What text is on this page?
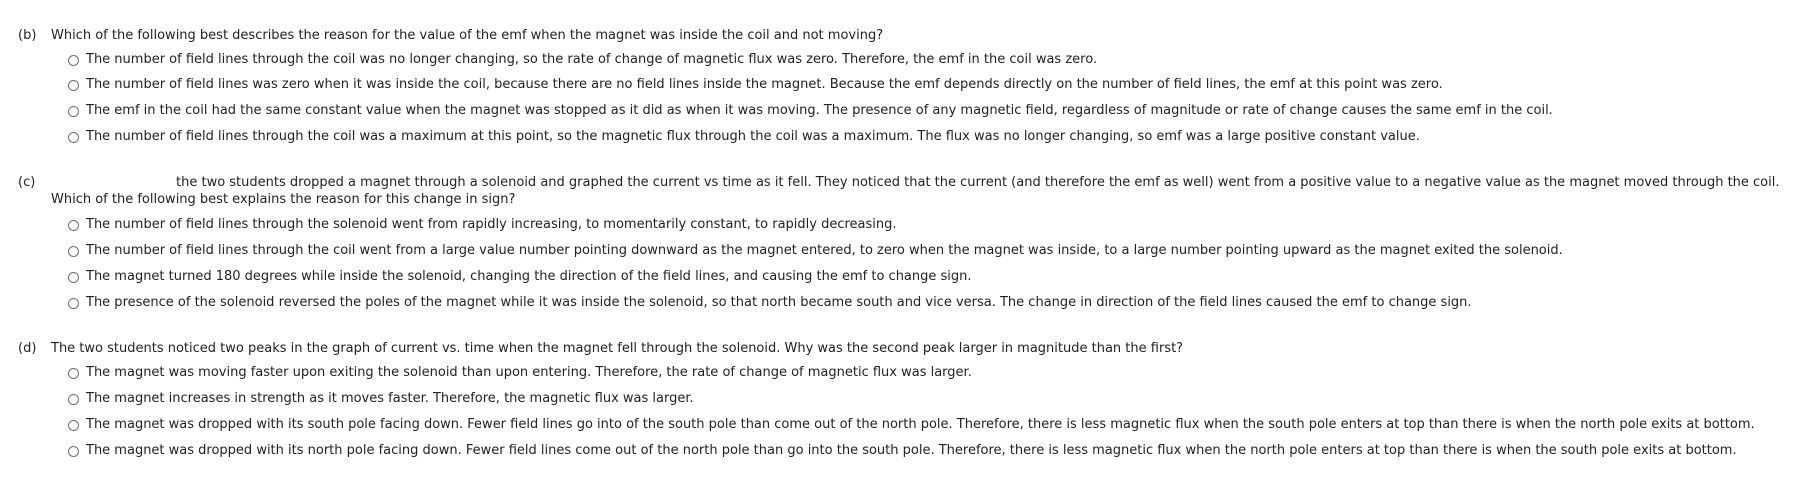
(b) Which of the following best describes the reason for the value of the emf when the magnet was inside the coil and not moving?
The number of field lines through the coil was no longer changing, so the rate of change of magnetic flux was zero. Therefore, the emf in the coil was zero.
The number of field lines was zero when it was inside the coil, because there are no field lines inside the magnet. Because the emf depends directly on the number of field lines, the emf at this point was zero.
The emf in the coil had the same constant value when the magnet was stopped as it did as when it was moving. The presence of any magnetic field, regardless of magnitude or rate of change causes the same emf in the coil.
The number of field lines through the coil was a maximum at this point, so the magnetic flux through the coil was a maximum. The flux was no longer changing, so emf was a large positive constant value.
(c)	the two students dropped a magnet through a solenoid and graphed the current vs time as it fell. They noticed that the current (and therefore the emf as well) went from a positive value to a negative value as the magnet moved through the coil.
Which of the following best explains the reason for this change in sign?
The number of field lines through the solenoid went from rapidly increasing, to momentarily constant, to rapidly decreasing.
The number of field lines through the coil went from a large value number pointing downward as the magnet entered, to zero when the magnet was inside, to a large number pointing upward as the magnet exited the solenoid.
The magnet turned 180 degrees while inside the solenoid, changing the direction of the field lines, and causing the emf to change sign.
The presence of the solenoid reversed the poles of the magnet while it was inside the solenoid, so that north became south and vice versa. The change in direction of the field lines caused the emf to change sign.
(d) The two students noticed two peaks in the graph of current vs. time when the magnet fell through the solenoid. Why was the second peak larger in magnitude than the first?
The magnet was moving faster upon exiting the solenoid than upon entering. Therefore, the rate of change of magnetic flux was larger.
The magnet increases in strength as it moves faster. Therefore, the magnetic flux was larger.
The magnet was dropped with its south pole facing down. Fewer field lines go into of the south pole than come out of the north pole. Therefore, there is less magnetic flux when the south pole enters at top than there is when the north pole exits at bottom.
The magnet was dropped with its north pole facing down. Fewer field lines come out of the north pole than go into the south pole. Therefore, there is less magnetic flux when the north pole enters at top than there is when the south pole exits at bottom.
